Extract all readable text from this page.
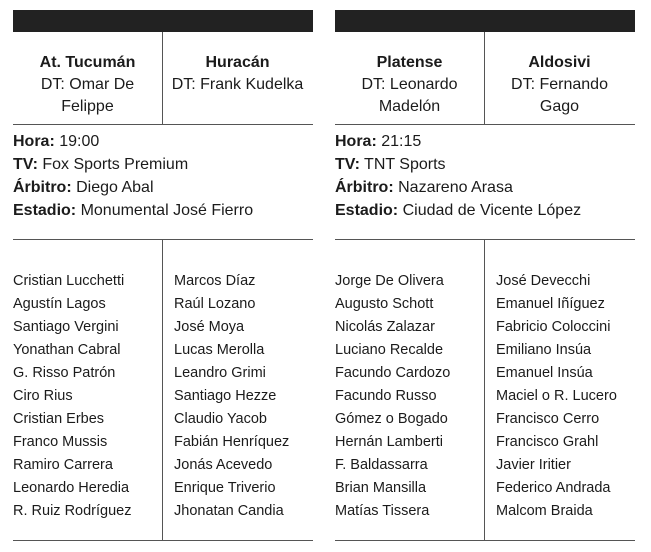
At. Tucumán
DT: Omar De Felippe
Huracán
DT: Frank Kudelka
Hora: 19:00
TV: Fox Sports Premium
Árbitro: Diego Abal
Estadio: Monumental José Fierro
Cristian Lucchetti
Agustín Lagos
Santiago Vergini
Yonathan Cabral
G. Risso Patrón
Ciro Rius
Cristian Erbes
Franco Mussis
Ramiro Carrera
Leonardo Heredia
R. Ruiz Rodríguez
Marcos Díaz
Raúl Lozano
José Moya
Lucas Merolla
Leandro Grimi
Santiago Hezze
Claudio Yacob
Fabián Henríquez
Jonás Acevedo
Enrique Triverio
Jhonatan Candia
Platense
DT: Leonardo Madelón
Aldosivi
DT: Fernando Gago
Hora: 21:15
TV: TNT Sports
Árbitro: Nazareno Arasa
Estadio: Ciudad de Vicente López
Jorge De Olivera
Augusto Schott
Nicolás Zalazar
Luciano Recalde
Facundo Cardozo
Facundo Russo
Gómez o Bogado
Hernán Lamberti
F. Baldassarra
Brian Mansilla
Matías Tissera
José Devecchi
Emanuel Iñíguez
Fabricio Coloccini
Emiliano Insúa
Emanuel Insúa
Maciel o R. Lucero
Francisco Cerro
Francisco Grahl
Javier Iritier
Federico Andrada
Malcom Braida
